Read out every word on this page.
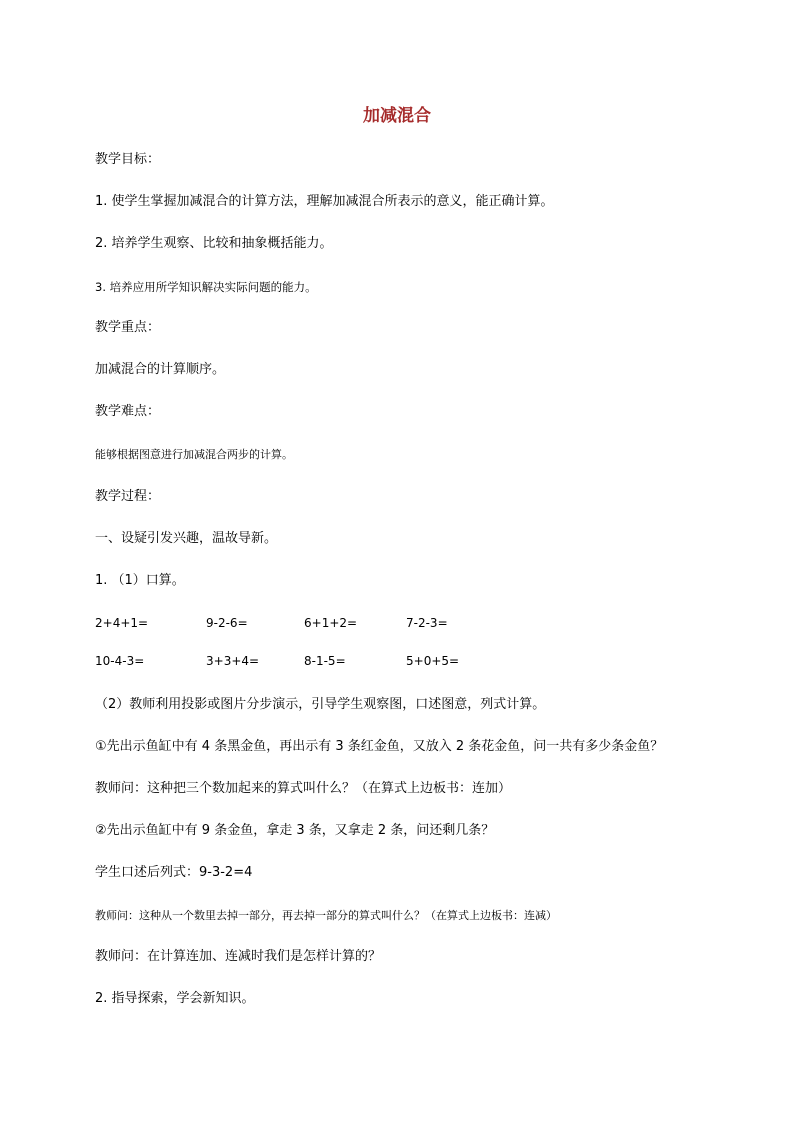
加减混合
教学目标：
1. 使学生掌握加减混合的计算方法，理解加减混合所表示的意义，能正确计算。
2. 培养学生观察、比较和抽象概括能力。
3. 培养应用所学知识解决实际问题的能力。
教学重点：
加减混合的计算顺序。
教学难点：
能够根据图意进行加减混合两步的计算。
教学过程：
一、设疑引发兴趣，温故导新。
1. （1）口算。
2+4+1=	9-2-6=	6+1+2=	7-2-3=
10-4-3=	3+3+4=	8-1-5=	5+0+5=
（2）教师利用投影或图片分步演示，引导学生观察图，口述图意，列式计算。
①先出示鱼缸中有 4 条黑金鱼，再出示有 3 条红金鱼，又放入 2 条花金鱼，问一共有多少条金鱼？
教师问：这种把三个数加起来的算式叫什么？（在算式上边板书：连加）
②先出示鱼缸中有 9 条金鱼，拿走 3 条，又拿走 2 条，问还剩几条？
学生口述后列式：9-3-2=4
教师问：这种从一个数里去掉一部分，再去掉一部分的算式叫什么？（在算式上边板书：连减）
教师问：在计算连加、连减时我们是怎样计算的？
2. 指导探索，学会新知识。
